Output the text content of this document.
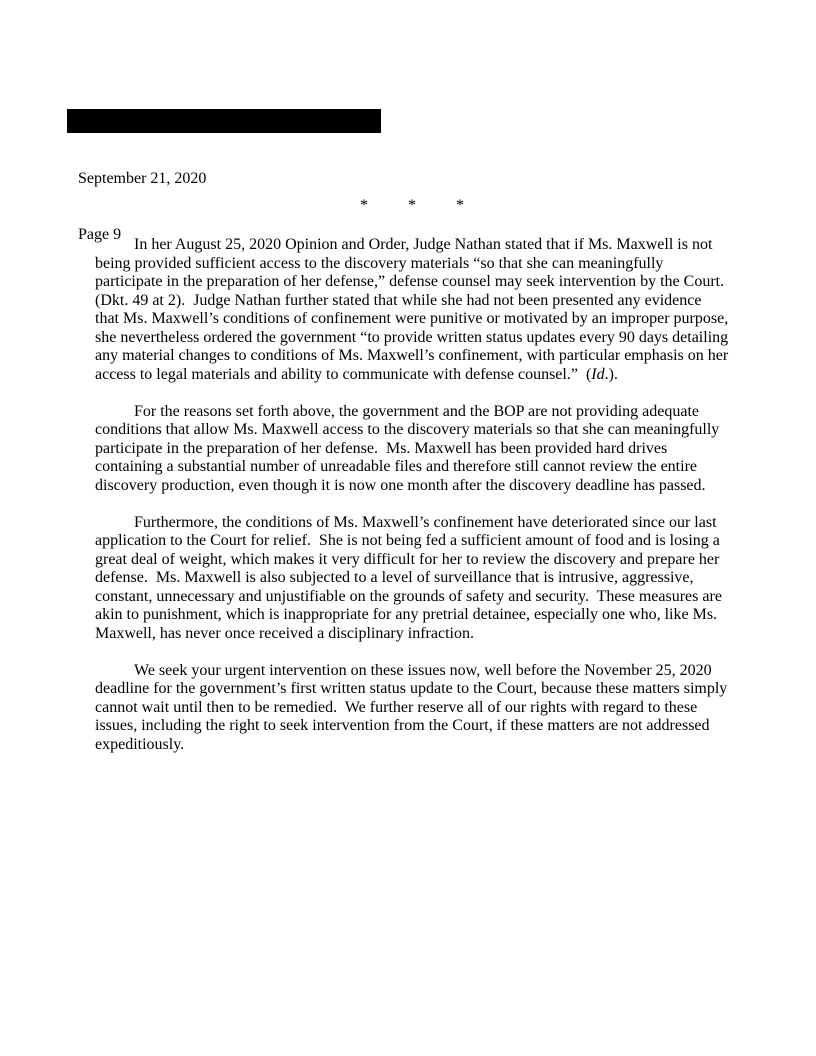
September 21, 2020

Page 9

*	*	*

In her August 25, 2020 Opinion and Order, Judge Nathan stated that if Ms. Maxwell is not being provided sufficient access to the discovery materials “so that she can meaningfully participate in the preparation of her defense,” defense counsel may seek intervention by the Court.  (Dkt. 49 at 2).  Judge Nathan further stated that while she had not been presented any evidence that Ms. Maxwell’s conditions of confinement were punitive or motivated by an improper purpose, she nevertheless ordered the government “to provide written status updates every 90 days detailing any material changes to conditions of Ms. Maxwell’s confinement, with particular emphasis on her access to legal materials and ability to communicate with defense counsel.”  (Id.).

For the reasons set forth above, the government and the BOP are not providing adequate conditions that allow Ms. Maxwell access to the discovery materials so that she can meaningfully participate in the preparation of her defense.  Ms. Maxwell has been provided hard drives containing a substantial number of unreadable files and therefore still cannot review the entire discovery production, even though it is now one month after the discovery deadline has passed.

Furthermore, the conditions of Ms. Maxwell’s confinement have deteriorated since our last application to the Court for relief.  She is not being fed a sufficient amount of food and is losing a great deal of weight, which makes it very difficult for her to review the discovery and prepare her defense.  Ms. Maxwell is also subjected to a level of surveillance that is intrusive, aggressive, constant, unnecessary and unjustifiable on the grounds of safety and security.  These measures are akin to punishment, which is inappropriate for any pretrial detainee, especially one who, like Ms. Maxwell, has never once received a disciplinary infraction.

We seek your urgent intervention on these issues now, well before the November 25, 2020 deadline for the government’s first written status update to the Court, because these matters simply cannot wait until then to be remedied.  We further reserve all of our rights with regard to these issues, including the right to seek intervention from the Court, if these matters are not addressed expeditiously.
